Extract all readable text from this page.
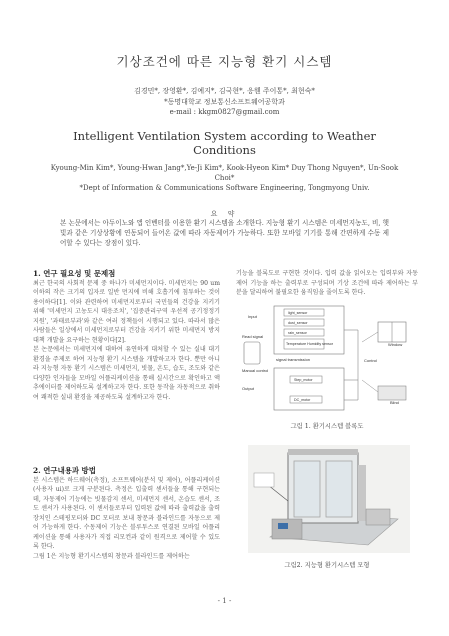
기상조건에 따른 지능형 환기 시스템
김경민*, 장영환*, 김예지*, 김국현*, 응웬 주이통*, 최현숙*
*동명대학교 정보통신소프트웨어공학과
e-mail : kkgm0827@gmail.com
Intelligent Ventilation System according to Weather Conditions
Kyoung-Min Kim*, Young-Hwan Jang*,Ye-Ji Kim*, Kook-Hyeon Kim* Duy Thong Nguyen*, Un-Sook Choi*
*Dept of Information & Communications Software Engineering, Tongmyong Univ.
요 약
본 논문에서는 아두이노와 앱 인벤터를 이용한 환기 시스템을 소개한다. 지능형 환기 시스템은 미세먼지농도, 비, 햇빛과 같은 기상상황에 연동되어 들어온 값에 따라 자동제어가 가능하다. 또한 모바일 기기를 통해 간편하게 수동 제어할 수 있다는 장점이 있다.
1. 연구 필요성 및 문제점
최근 한국의 사회적 문제 중 하나가 미세먼지이다. 미세먼지는 90 um 이하의 작은 크기의 입자로 일반 먼지에 비해 호흡기에 침투하는 것이 용이하다[1]. 이와 관련하여 미세먼지로부터 국민들의 건강을 지키기 위해 '미세먼지 고농도시 대응조치', '집중관리구역 우선적 공기정정기 지원', '과태료부과'와 같은 여러 정책들이 시행되고 있다. 따라서 많은 사람들은 일상에서 미세먼지로부터 건강을 지키기 위한 미세먼지 방지대책 개발을 요구하는 현황이다[2].
본 논문에서는 미세먼지에 대하여 유연하게 대처할 수 있는 실내 대기 환경을 주제로 하여 지능형 환기 시스템을 개발하고자 한다. 뿐만 아니라 지능형 자동 환기 시스템은 미세먼지, 빗물, 온도, 습도, 조도와 같은 다양한 인자들을 모바일 어플리케이션을 통해 실시간으로 확인하고 액추에이터를 제어하도록 설계하고자 한다. 또한 동작을 자동적으로 취하여 쾌적한 실내 환경을 제공하도록 설계하고자 한다.
2. 연구내용과 방법
본 시스템은 하드웨어(측정), 소프트웨어(분석 및 제어), 어플리케이션(사용자 ui)로 크게 구분된다. 측정은 입출력 센서들을 통해 구현되는데, 자동제어 기능에는 빗물감지 센서, 미세먼지 센서, 온습도 센서, 조도 센서가 사용된다. 이 센서들로부터 입력된 값에 따라 출력값을 출력 장치인 스테핑모터와 DC 모터로 보내 창문과 블라인드를 자동으로 제어 가능하게 한다. 수동제어 기능은 블루투스로 연결된 모바일 어플리케이션을 통해 사용자가 직접 리모컨과 같이 원격으로 제어할 수 있도록 한다.
그림 1은 지능형 환기시스템의 창문과 블라인드를 제어하는
기능을 블록도로 구현한 것이다. 입력 값을 읽어오는 입력부와 자동제어 기능을 하는 출력부로 구성되며 기상 조건에 따라 제어하는 부분을 달리하여 불필요한 움직임을 줄이도록 한다.
Input
Read signal
Manual control
Output
signal transmission	Control
Window
Blind
light_sensor
dust_sensor
rain_sensor
Temperature Humidity sensor
Step_motor
DC_motor
그림 1. 환기시스템 블록도
그림2. 지능형 환기시스템 모형
- 1 -
